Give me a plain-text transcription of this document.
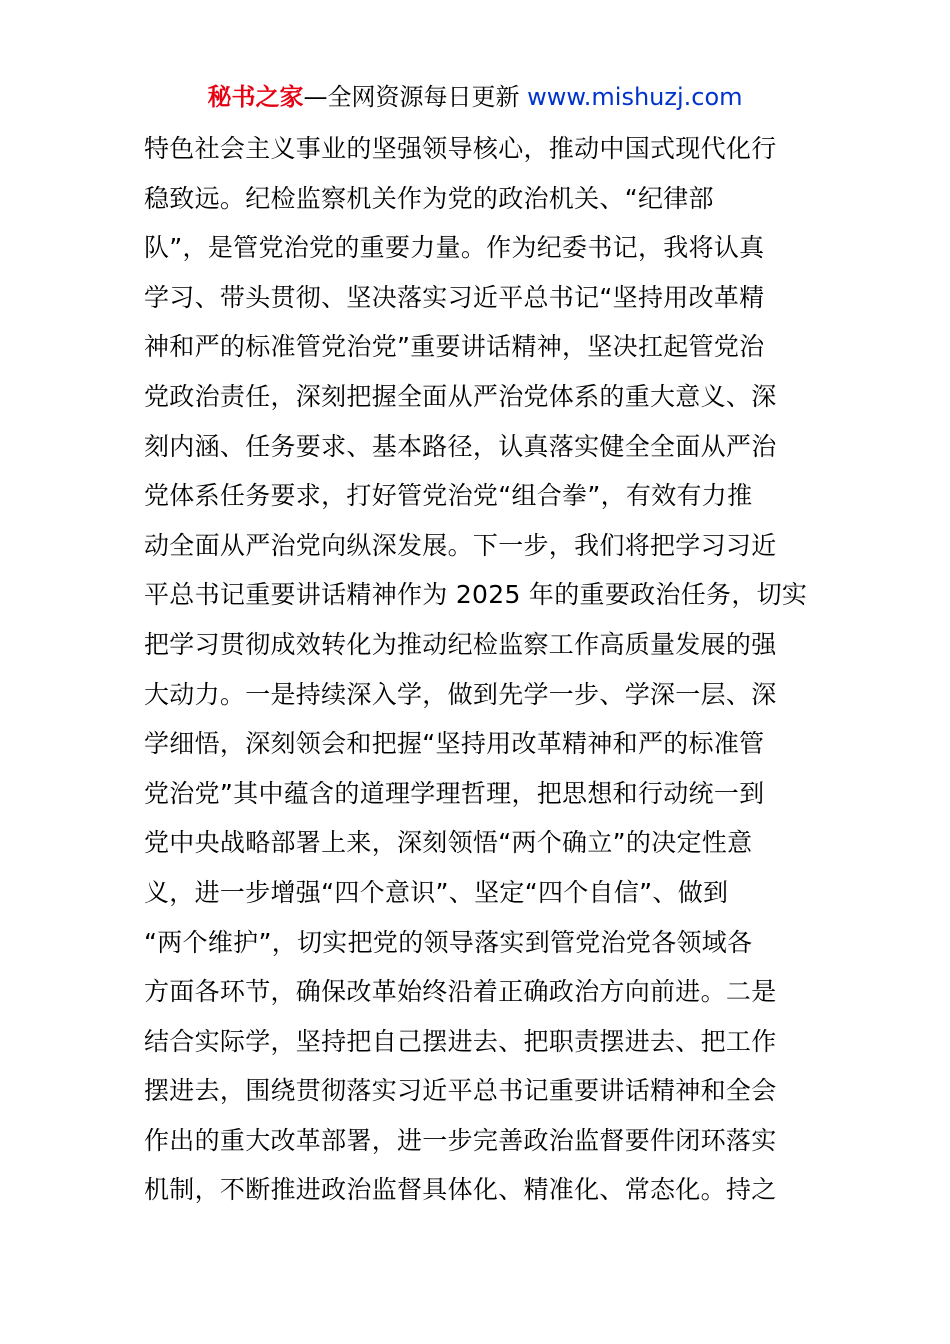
秘书之家—全网资源每日更新 www.mishuzj.com
特色社会主义事业的坚强领导核心，推动中国式现代化行
稳致远。纪检监察机关作为党的政治机关、“纪律部
队”，是管党治党的重要力量。作为纪委书记，我将认真
学习、带头贯彻、坚决落实习近平总书记“坚持用改革精
神和严的标准管党治党”重要讲话精神，坚决扛起管党治
党政治责任，深刻把握全面从严治党体系的重大意义、深
刻内涵、任务要求、基本路径，认真落实健全全面从严治
党体系任务要求，打好管党治党“组合拳”，有效有力推
动全面从严治党向纵深发展。下一步，我们将把学习习近
平总书记重要讲话精神作为 2025 年的重要政治任务，切实
把学习贯彻成效转化为推动纪检监察工作高质量发展的强
大动力。一是持续深入学，做到先学一步、学深一层、深
学细悟，深刻领会和把握“坚持用改革精神和严的标准管
党治党”其中蕴含的道理学理哲理，把思想和行动统一到
党中央战略部署上来，深刻领悟“两个确立”的决定性意
义，进一步增强“四个意识”、坚定“四个自信”、做到
“两个维护”，切实把党的领导落实到管党治党各领域各
方面各环节，确保改革始终沿着正确政治方向前进。二是
结合实际学，坚持把自己摆进去、把职责摆进去、把工作
摆进去，围绕贯彻落实习近平总书记重要讲话精神和全会
作出的重大改革部署，进一步完善政治监督要件闭环落实
机制，不断推进政治监督具体化、精准化、常态化。持之
